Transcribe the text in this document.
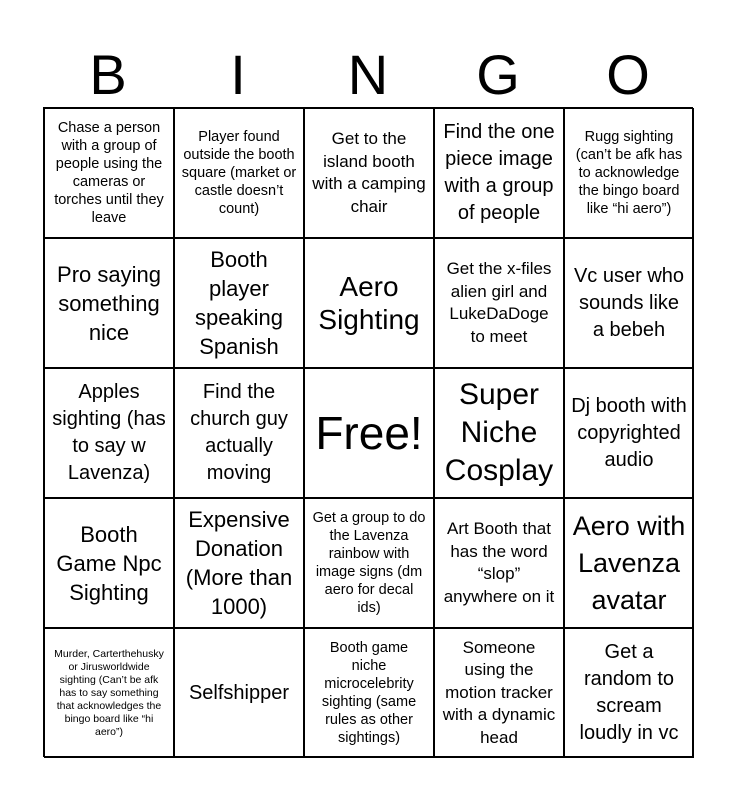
B	I	N	G	O
Chase a person with a group of people using the cameras or torches until they leave
Player found outside the booth square (market or castle doesn’t count)
Get to the island booth with a camping chair
Find the one piece image with a group of people
Rugg sighting (can’t be afk has to acknowledge the bingo board like “hi aero”)
Pro saying something nice
Booth player speaking Spanish
Aero Sighting
Get the x-files alien girl and LukeDaDoge to meet
Vc user who sounds like a bebeh
Apples sighting (has to say w Lavenza)
Find the church guy actually moving
Free!
Super Niche Cosplay
Dj booth with copyrighted audio
Booth Game Npc Sighting
Expensive Donation (More than 1000)
Get a group to do the Lavenza rainbow with image signs (dm aero for decal ids)
Art Booth that has the word “slop” anywhere on it
Aero with Lavenza avatar
Murder, Carterthehusky or Jirusworldwide sighting (Can’t be afk has to say something that acknowledges the bingo board like “hi aero”)
Selfshipper
Booth game niche microcelebrity sighting (same rules as other sightings)
Someone using the motion tracker with a dynamic head
Get a random to scream loudly in vc
